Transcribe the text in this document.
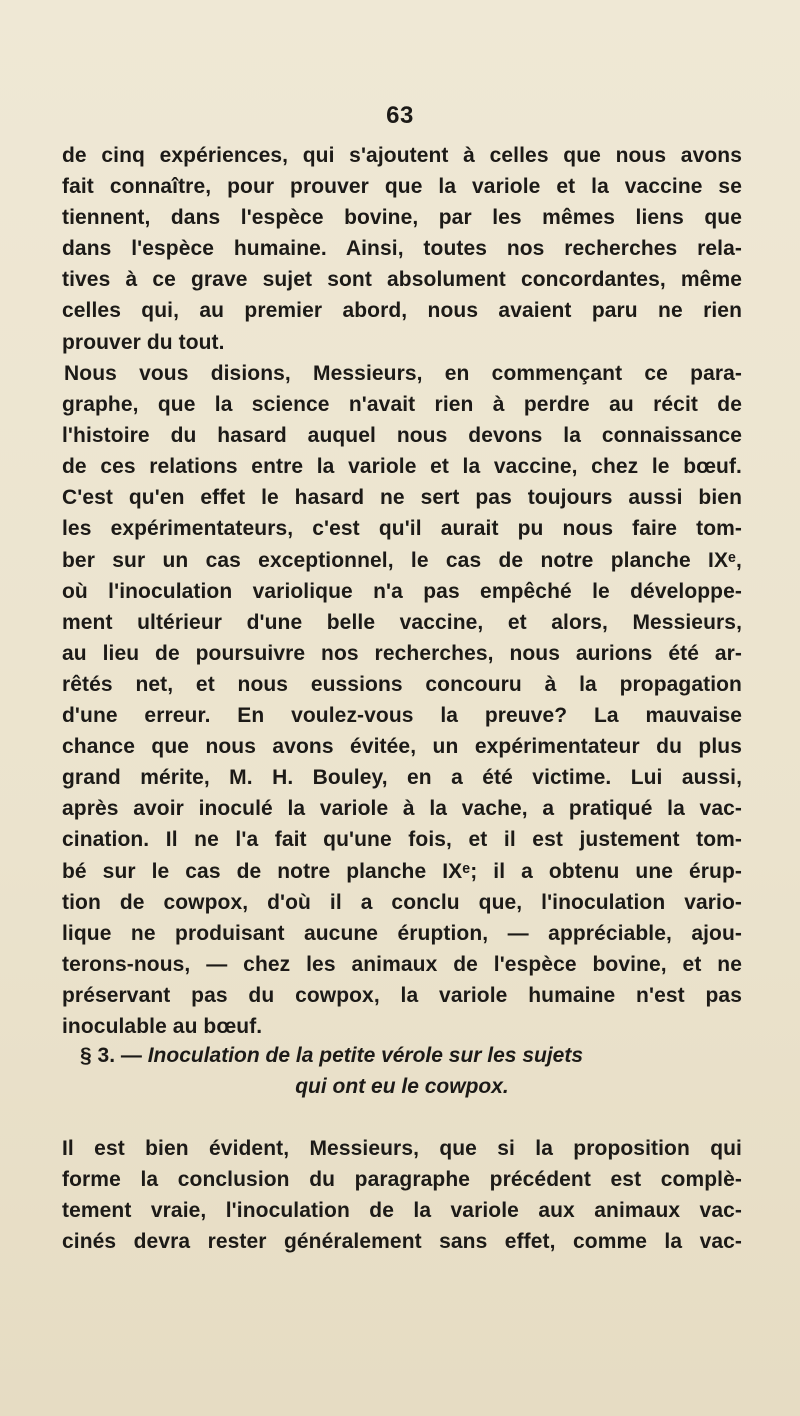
63
de cinq expériences, qui s'ajoutent à celles que nous avons
fait connaître, pour prouver que la variole et la vaccine se
tiennent, dans l'espèce bovine, par les mêmes liens que
dans l'espèce humaine. Ainsi, toutes nos recherches rela-
tives à ce grave sujet sont absolument concordantes, même
celles qui, au premier abord, nous avaient paru ne rien
prouver du tout.
Nous vous disions, Messieurs, en commençant ce para-
graphe, que la science n'avait rien à perdre au récit de
l'histoire du hasard auquel nous devons la connaissance
de ces relations entre la variole et la vaccine, chez le bœuf.
C'est qu'en effet le hasard ne sert pas toujours aussi bien
les expérimentateurs, c'est qu'il aurait pu nous faire tom-
ber sur un cas exceptionnel, le cas de notre planche IXᵉ,
où l'inoculation variolique n'a pas empêché le développe-
ment ultérieur d'une belle vaccine, et alors, Messieurs,
au lieu de poursuivre nos recherches, nous aurions été ar-
rêtés net, et nous eussions concouru à la propagation
d'une erreur. En voulez-vous la preuve? La mauvaise
chance que nous avons évitée, un expérimentateur du plus
grand mérite, M. H. Bouley, en a été victime. Lui aussi,
après avoir inoculé la variole à la vache, a pratiqué la vac-
cination. Il ne l'a fait qu'une fois, et il est justement tom-
bé sur le cas de notre planche IXᵉ; il a obtenu une érup-
tion de cowpox, d'où il a conclu que, l'inoculation vario-
lique ne produisant aucune éruption, — appréciable, ajou-
terons-nous, — chez les animaux de l'espèce bovine, et ne
préservant pas du cowpox, la variole humaine n'est pas
inoculable au bœuf.
§ 3. — Inoculation de la petite vérole sur les sujets
qui ont eu le cowpox.
Il est bien évident, Messieurs, que si la proposition qui
forme la conclusion du paragraphe précédent est complè-
tement vraie, l'inoculation de la variole aux animaux vac-
cinés devra rester généralement sans effet, comme la vac-
